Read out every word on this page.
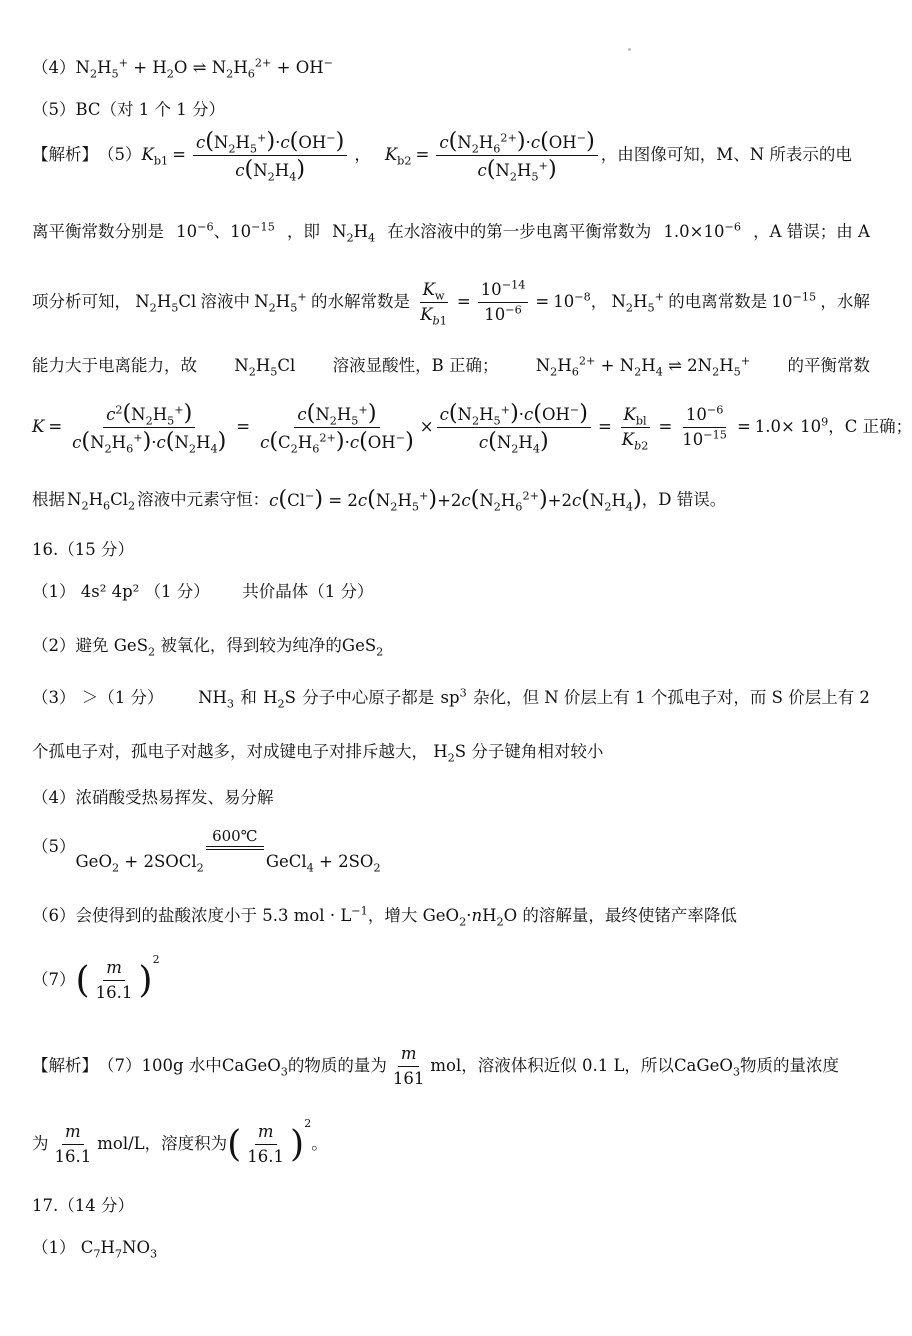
（4） $N_2H_5^+ + H_2O$ ⇌ $N_2H_6^{2+} + OH^-$
（5）BC（对 1 个 1 分）
【解析】 （5） $K_{b1} = \frac{c(N_2H_5^+)\cdot c(OH^-)}{c(N_2H_4)}$ ， $K_{b2} = \frac{c(N_2H_6^{2+})\cdot c(OH^-)}{c(N_2H_5^+)}$ ，由图像可知，M、N 所表示的电
离平衡常数分别是 $10^{-6}$、$10^{-15}$ ，即 $N_2H_4$ 在水溶液中的第一步电离平衡常数为 $1.0\times 10^{-6}$ ，A 错误；由 A
项分析可知， $N_2H_5Cl$ 溶液中 $N_2H_5^+$ 的水解常数是 $\frac{K_w}{K_{b1}} = \frac{10^{-14}}{10^{-6}} = 10^{-8}$， $N_2H_5^+$ 的电离常数是 $10^{-15}$ ，水解
能力大于电离能力，故 $N_2H_5Cl$ 溶液显酸性，B 正确； $N_2H_6^{2+} + N_2H_4$ ⇌ $2N_2H_5^+$ 的平衡常数
$K = \frac{c^2(N_2H_5^+)}{c(N_2H_6^+)\cdot c(N_2H_4)} = \frac{c(N_2H_5^+)}{c(C_2H_6^{2+})\cdot c(OH^-)} \times \frac{c(N_2H_5^+)\cdot c(OH^-)}{c(N_2H_4)} = \frac{K_{bl}}{K_{b2}} = \frac{10^{-6}}{10^{-15}} = 1.0\times 10^9$ ，C 正确；
根据 $N_2H_6Cl_2$ 溶液中元素守恒： $c(Cl^-) = 2c(N_2H_5^+)+2c(N_2H_6^{2+})+2c(N_2H_4)$ ，D 错误。
16.（15 分）
（1） 4s² 4p² （1 分） 共价晶体（1 分）
（2）避免 GeS$_2$ 被氧化，得到较为纯净的GeS$_2$
（3） ＞（1 分） $NH_3$ 和 $H_2S$ 分子中心原子都是 $sp^3$ 杂化，但 N 价层上有 1 个孤电子对，而 S 价层上有 2
个孤电子对，孤电子对越多，对成键电子对排斥越大， $H_2S$ 分子键角相对较小
（4）浓硝酸受热易挥发、易分解
（5）
GeO$_2$ + 2SOCl$_2$
600℃
GeCl$_4$ + $2SO_2$
（6）会使得到的盐酸浓度小于 5.3 mol · $L^{-1}$，增大 $GeO_2\cdot nH_2O$ 的溶解量，最终使锗产率降低
（7） ( $\frac{m}{16.1}$ ) 2
【解析】 （7）100g 水中 CaGeO$_3$ 的物质的量为 $\frac{m}{161}$ mol，溶液体积近似 0.1 L，所以 CaGeO$_3$ 物质的量浓度
为 $\frac{m}{16.1} mol/L$，溶度积为 ( $\frac{m}{16.1}$ ) 2
。
17.（14 分）
（1） $C_7H_7NO_3$
